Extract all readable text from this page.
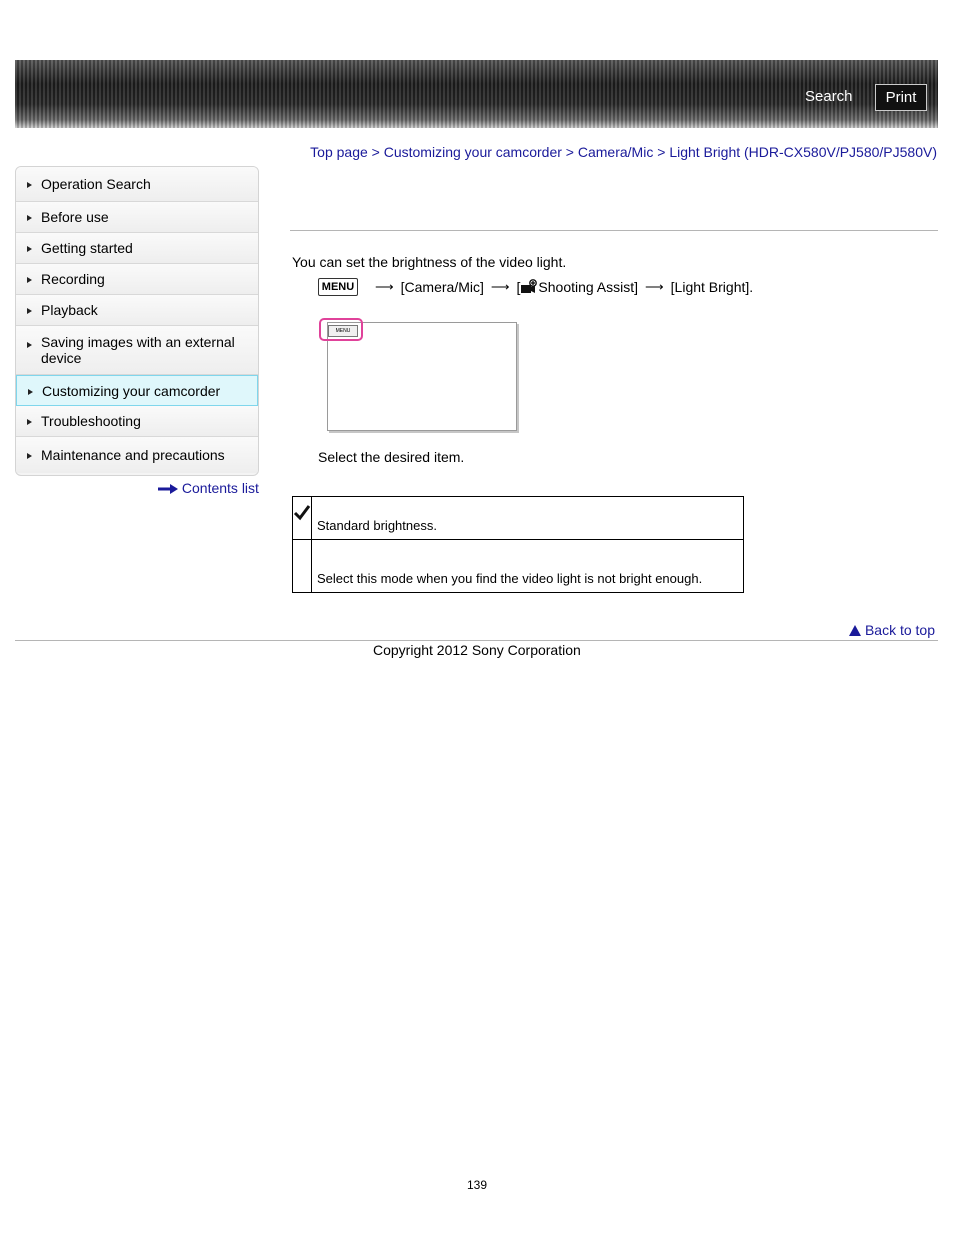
Search	Print
Top page > Customizing your camcorder > Camera/Mic > Light Bright (HDR-CX580V/PJ580/PJ580V)
Operation Search
Before use
Getting started
Recording
Playback
Saving images with an external device
Customizing your camcorder
Troubleshooting
Maintenance and precautions
Contents list
You can set the brightness of the video light.
MENU ⟶ [Camera/Mic] ⟶ [ Shooting Assist] ⟶ [Light Bright].
MENU
Select the desired item.
	Standard brightness.
	Select this mode when you find the video light is not bright enough.
Back to top
Copyright 2012 Sony Corporation
139
